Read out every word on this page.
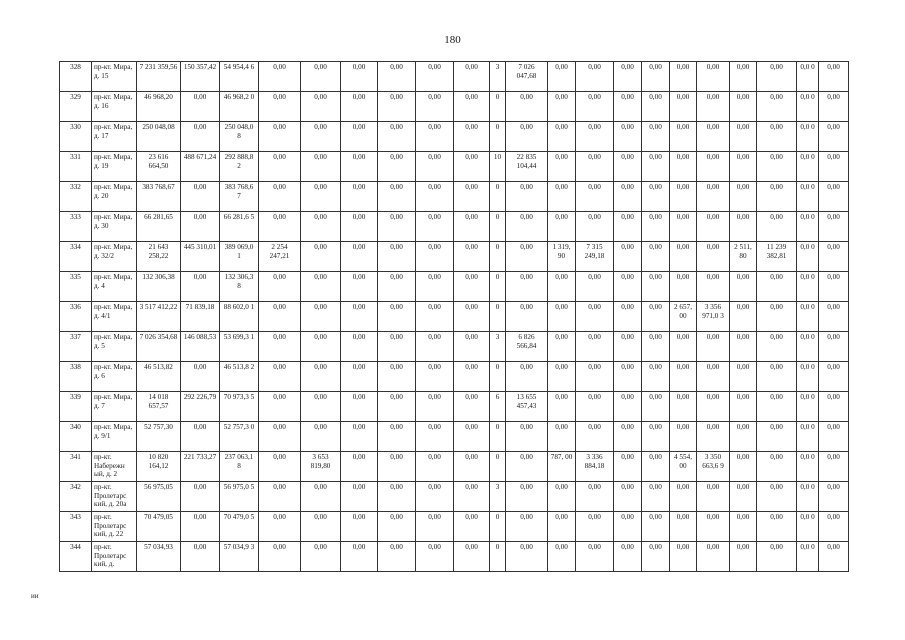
180
328	пр-кт. Мира, д. 15	7 231 359,56	150 357,42	54 954,4 6	0,00	0,00	0,00	0,00	0,00	0,00	3	7 026 047,68	0,00	0,00	0,00	0,00	0,00	0,00	0,00	0,00	0,0 0	0,00
329	пр-кт. Мира, д. 16	46 968,20	0,00	46 968,2 0	0,00	0,00	0,00	0,00	0,00	0,00	0	0,00	0,00	0,00	0,00	0,00	0,00	0,00	0,00	0,00	0,0 0	0,00
330	пр-кт. Мира, д. 17	250 048,08	0,00	250 048,0 8	0,00	0,00	0,00	0,00	0,00	0,00	0	0,00	0,00	0,00	0,00	0,00	0,00	0,00	0,00	0,00	0,0 0	0,00
331	пр-кт. Мира, д. 19	23 616 664,50	488 671,24	292 888,8 2	0,00	0,00	0,00	0,00	0,00	0,00	10	22 835 104,44	0,00	0,00	0,00	0,00	0,00	0,00	0,00	0,00	0,0 0	0,00
332	пр-кт. Мира, д. 20	383 768,67	0,00	383 768,6 7	0,00	0,00	0,00	0,00	0,00	0,00	0	0,00	0,00	0,00	0,00	0,00	0,00	0,00	0,00	0,00	0,0 0	0,00
333	пр-кт. Мира, д. 30	66 281,65	0,00	66 281,6 5	0,00	0,00	0,00	0,00	0,00	0,00	0	0,00	0,00	0,00	0,00	0,00	0,00	0,00	0,00	0,00	0,0 0	0,00
334	пр-кт. Мира, д. 32/2	21 643 258,22	445 310,01	389 069,0 1	2 254 247,21	0,00	0,00	0,00	0,00	0,00	0	0,00	1 319, 90	7 315 249,18	0,00	0,00	0,00	0,00	2 511, 80	11 239 382,81	0,0 0	0,00
335	пр-кт. Мира, д. 4	132 306,38	0,00	132 306,3 8	0,00	0,00	0,00	0,00	0,00	0,00	0	0,00	0,00	0,00	0,00	0,00	0,00	0,00	0,00	0,00	0,0 0	0,00
336	пр-кт. Мира, д. 4/1	3 517 412,22	71 839,18	88 602,0 1	0,00	0,00	0,00	0,00	0,00	0,00	0	0,00	0,00	0,00	0,00	0,00	2 657, 00	3 356 971,0 3	0,00	0,00	0,0 0	0,00
337	пр-кт. Мира, д. 5	7 026 354,68	146 088,53	53 699,3 1	0,00	0,00	0,00	0,00	0,00	0,00	3	6 826 566,84	0,00	0,00	0,00	0,00	0,00	0,00	0,00	0,00	0,0 0	0,00
338	пр-кт. Мира, д. 6	46 513,82	0,00	46 513,8 2	0,00	0,00	0,00	0,00	0,00	0,00	0	0,00	0,00	0,00	0,00	0,00	0,00	0,00	0,00	0,00	0,0 0	0,00
339	пр-кт. Мира, д. 7	14 018 657,57	292 226,79	70 973,3 5	0,00	0,00	0,00	0,00	0,00	0,00	6	13 655 457,43	0,00	0,00	0,00	0,00	0,00	0,00	0,00	0,00	0,0 0	0,00
340	пр-кт. Мира, д. 9/1	52 757,30	0,00	52 757,3 0	0,00	0,00	0,00	0,00	0,00	0,00	0	0,00	0,00	0,00	0,00	0,00	0,00	0,00	0,00	0,00	0,0 0	0,00
341	пр-кт. Набережн ый, д. 2	10 820 164,12	221 733,27	237 063,1 8	0,00	3 653 819,80	0,00	0,00	0,00	0,00	0	0,00	787, 00	3 336 884,18	0,00	0,00	4 554, 00	3 350 663,6 9	0,00	0,00	0,0 0	0,00
342	пр-кт. Пролетарс кий, д. 20а	56 975,05	0,00	56 975,0 5	0,00	0,00	0,00	0,00	0,00	0,00	3	0,00	0,00	0,00	0,00	0,00	0,00	0,00	0,00	0,00	0,0 0	0,00
343	пр-кт. Пролетарс кий, д. 22	70 479,05	0,00	70 479,0 5	0,00	0,00	0,00	0,00	0,00	0,00	0	0,00	0,00	0,00	0,00	0,00	0,00	0,00	0,00	0,00	0,0 0	0,00
344	пр-кт. Пролетарс кий, д.	57 034,93	0,00	57 034,9 3	0,00	0,00	0,00	0,00	0,00	0,00	0	0,00	0,00	0,00	0,00	0,00	0,00	0,00	0,00	0,00	0,0 0	0,00
ии
